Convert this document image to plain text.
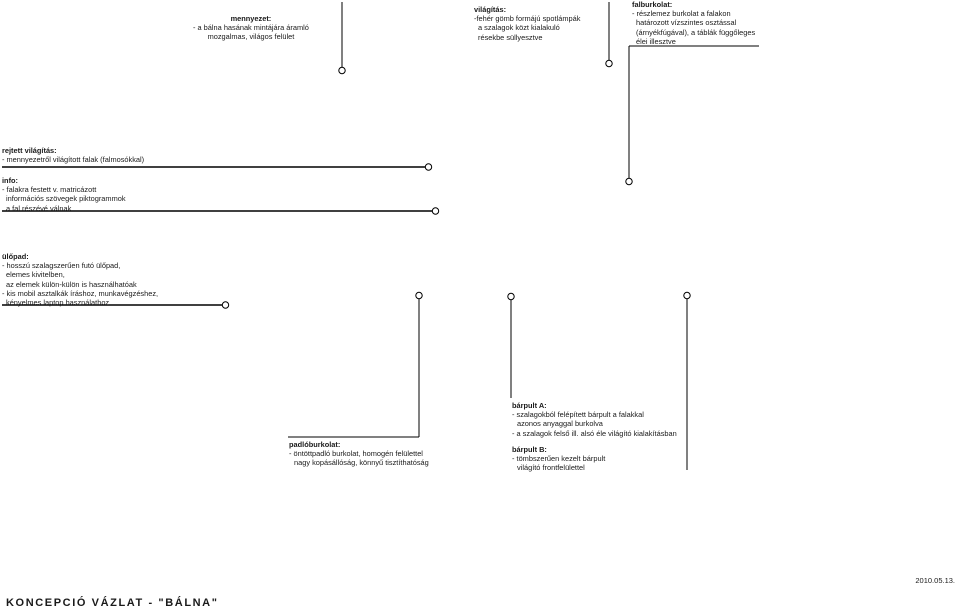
mennyezet:
- a bálna hasának mintájára áramló
mozgalmas, világos felület
világítás:
-fehér gömb formájú spotlámpák
a szalagok közt kialakuló
résekbe süllyesztve
falburkolat:
- részlemez burkolat a falakon
határozott vízszintes osztással
(árnyékfúgával), a táblák függőleges
élei illesztve
rejtett világítás:
- mennyezetről világított falak (falmosókkal)
info:
- falakra festett v. matricázott
információs szövegek piktogrammok
a fal részévé válnak
ülőpad:
- hosszú szalagszerűen futó ülőpad,
elemes kivitelben,
az elemek külön-külön is használhatóak
- kis mobil asztalkák íráshoz, munkavégzéshez,
kényelmes laptop használathoz
padlóburkolat:
- öntöttpadló burkolat, homogén felülettel
nagy kopásállóság, könnyű tisztíthatóság
bárpult A:
- szalagokból felépített bárpult a falakkal
azonos anyaggal burkolva
- a szalagok felső ill. alsó éle világító kialakításban
bárpult B:
- tömbszerűen kezelt bárpult
világító frontfelülettel
2010.05.13.
KONCEPCIÓ VÁZLAT - "BÁLNA"
